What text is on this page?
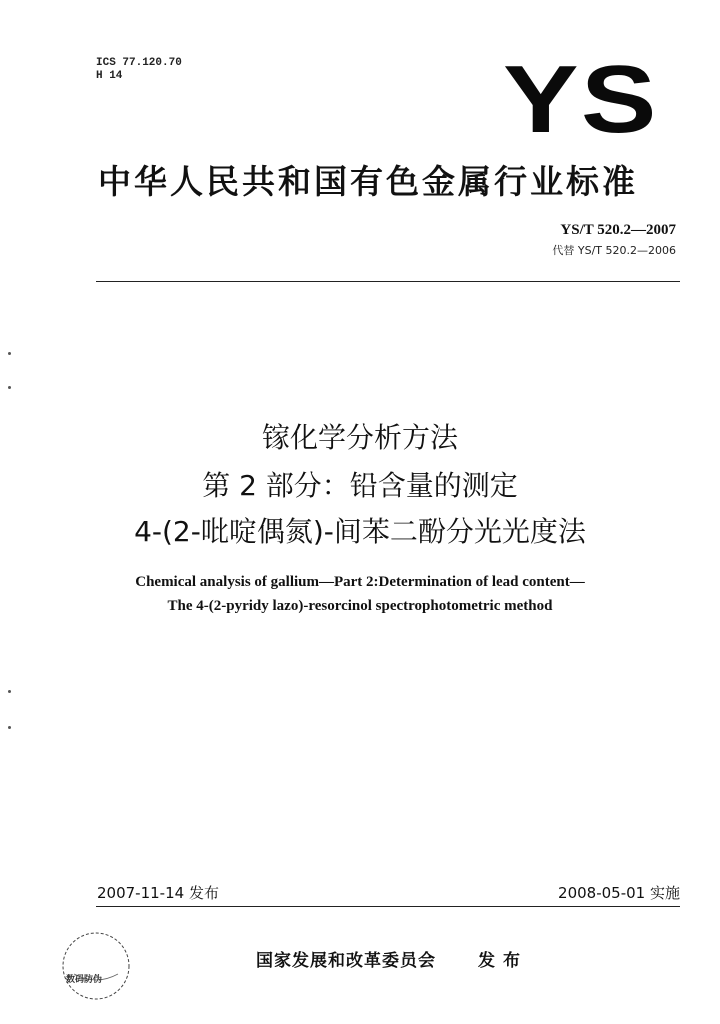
ICS 77.120.70
H 14	YS
中华人民共和国有色金属行业标准
YS/T 520.2—2007
代替 YS/T 520.2—2006
镓化学分析方法
第 2 部分：铅含量的测定
4-(2-吡啶偶氮)-间苯二酚分光光度法
Chemical analysis of gallium—Part 2:Determination of lead content—
The 4-(2-pyridy lazo)-resorcinol spectrophotometric method
2007-11-14 发布	2008-05-01 实施
数码防伪
国家发展和改革委员会 发布
